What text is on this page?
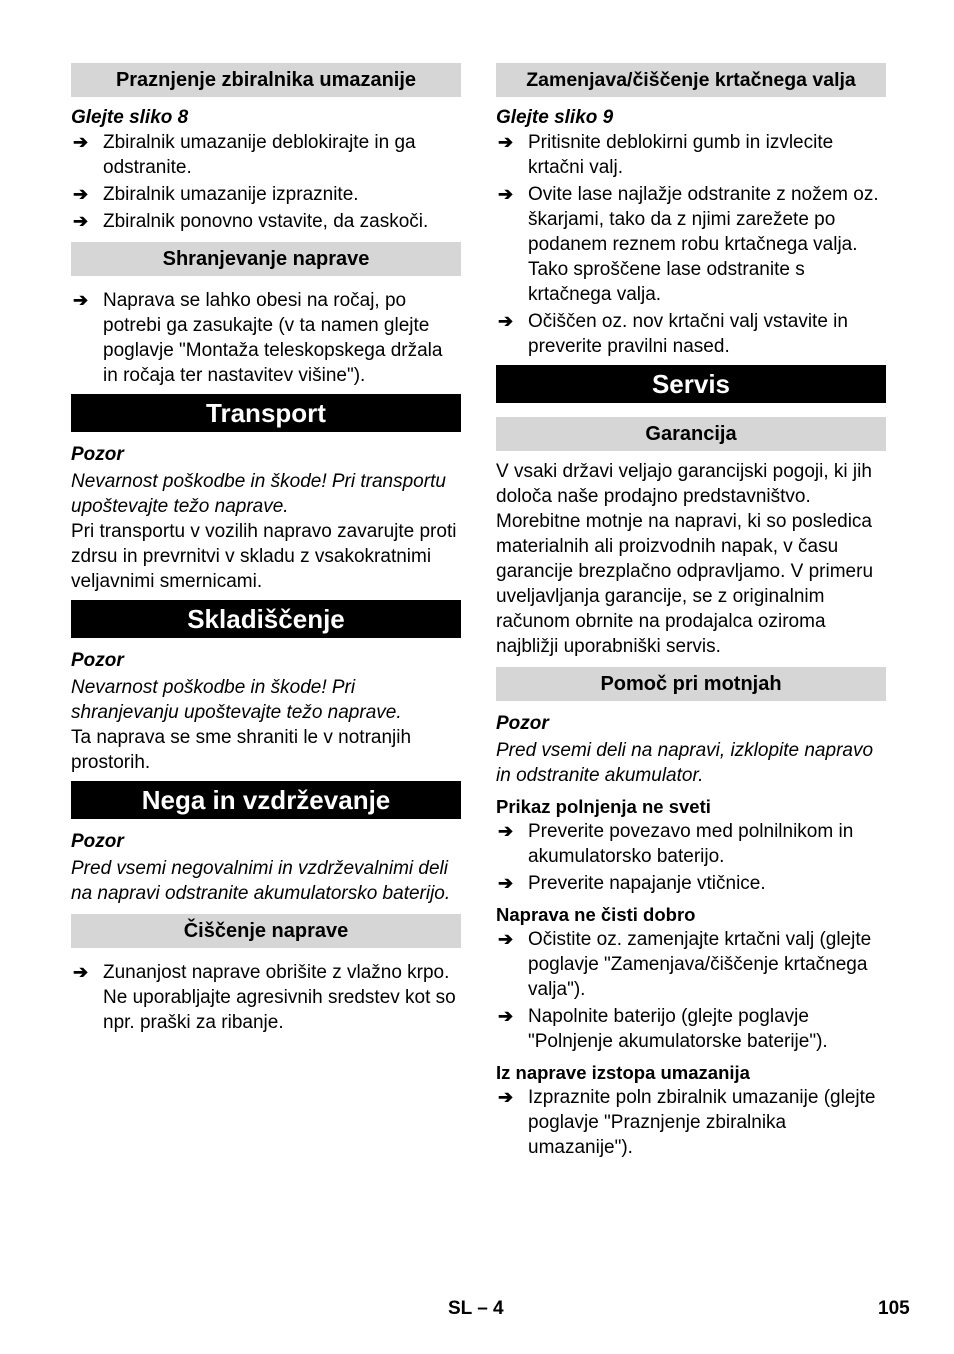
Praznjenje zbiralnika umazanije
Glejte sliko 8
➔ Zbiralnik umazanije deblokirajte in ga odstranite.
➔ Zbiralnik umazanije izpraznite.
➔ Zbiralnik ponovno vstavite, da zaskoči.
Shranjevanje naprave
➔ Naprava se lahko obesi na ročaj, po potrebi ga zasukajte (v ta namen glejte poglavje "Montaža teleskopskega držala in ročaja ter nastavitev višine").
Transport
Pozor
Nevarnost poškodbe in škode! Pri transportu upoštevajte težo naprave.
Pri transportu v vozilih napravo zavarujte proti zdrsu in prevrnitvi v skladu z vsakokratnimi veljavnimi smernicami.
Skladiščenje
Pozor
Nevarnost poškodbe in škode! Pri shranjevanju upoštevajte težo naprave.
Ta naprava se sme shraniti le v notranjih prostorih.
Nega in vzdrževanje
Pozor
Pred vsemi negovalnimi in vzdrževalnimi deli na napravi odstranite akumulatorsko baterijo.
Čiščenje naprave
➔ Zunanjost naprave obrišite z vlažno krpo. Ne uporabljajte agresivnih sredstev kot so npr. praški za ribanje.
Zamenjava/čiščenje krtačnega valja
Glejte sliko 9
➔ Pritisnite deblokirni gumb in izvlecite krtačni valj.
➔ Ovite lase najlažje odstranite z nožem oz. škarjami, tako da z njimi zarežete po podanem reznem robu krtačnega valja. Tako sproščene lase odstranite s krtačnega valja.
➔ Očiščen oz. nov krtačni valj vstavite in preverite pravilni nased.
Servis
Garancija
V vsaki državi veljajo garancijski pogoji, ki jih določa naše prodajno predstavništvo. Morebitne motnje na napravi, ki so posledica materialnih ali proizvodnih napak, v času garancije brezplačno odpravljamo. V primeru uveljavljanja garancije, se z originalnim računom obrnite na prodajalca oziroma najbližji uporabniški servis.
Pomoč pri motnjah
Pozor
Pred vsemi deli na napravi, izklopite napravo in odstranite akumulator.
Prikaz polnjenja ne sveti
➔ Preverite povezavo med polnilnikom in akumulatorsko baterijo.
➔ Preverite napajanje vtičnice.
Naprava ne čisti dobro
➔ Očistite oz. zamenjajte krtačni valj (glejte poglavje "Zamenjava/čiščenje krtačnega valja").
➔ Napolnite baterijo (glejte poglavje "Polnjenje akumulatorske baterije").
Iz naprave izstopa umazanija
➔ Izpraznite poln zbiralnik umazanije (glejte poglavje "Praznjenje zbiralnika umazanije").
SL – 4	105
